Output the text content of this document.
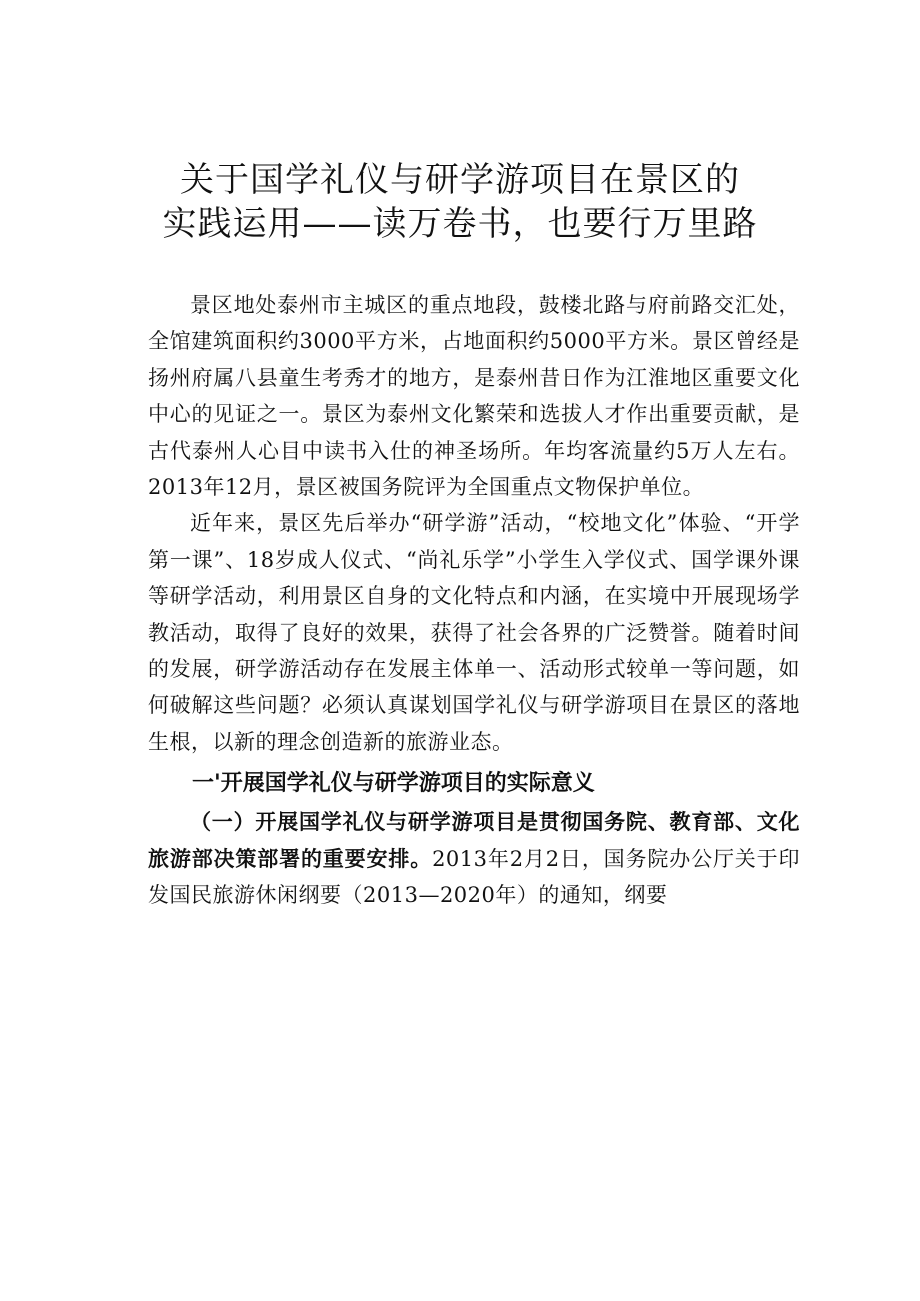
关于国学礼仪与研学游项目在景区的
实践运用——读万卷书，也要行万里路

景区地处泰州市主城区的重点地段，鼓楼北路与府前路交汇处，全馆建筑面积约3000平方米，占地面积约5000平方米。景区曾经是扬州府属八县童生考秀才的地方，是泰州昔日作为江淮地区重要文化中心的见证之一。景区为泰州文化繁荣和选拔人才作出重要贡献，是古代泰州人心目中读书入仕的神圣场所。年均客流量约5万人左右。2013年12月，景区被国务院评为全国重点文物保护单位。

近年来，景区先后举办“研学游”活动，“校地文化”体验、“开学第一课”、18岁成人仪式、“尚礼乐学”小学生入学仪式、国学课外课等研学活动，利用景区自身的文化特点和内涵，在实境中开展现场学教活动，取得了良好的效果，获得了社会各界的广泛赞誉。随着时间的发展，研学游活动存在发展主体单一、活动形式较单一等问题，如何破解这些问题？必须认真谋划国学礼仪与研学游项目在景区的落地生根，以新的理念创造新的旅游业态。

一'开展国学礼仪与研学游项目的实际意义

（一）开展国学礼仪与研学游项目是贯彻国务院、教育部、文化旅游部决策部署的重要安排。2013年2月2日，国务院办公厅关于印发国民旅游休闲纲要（2013—2020年）的通知，纲要
